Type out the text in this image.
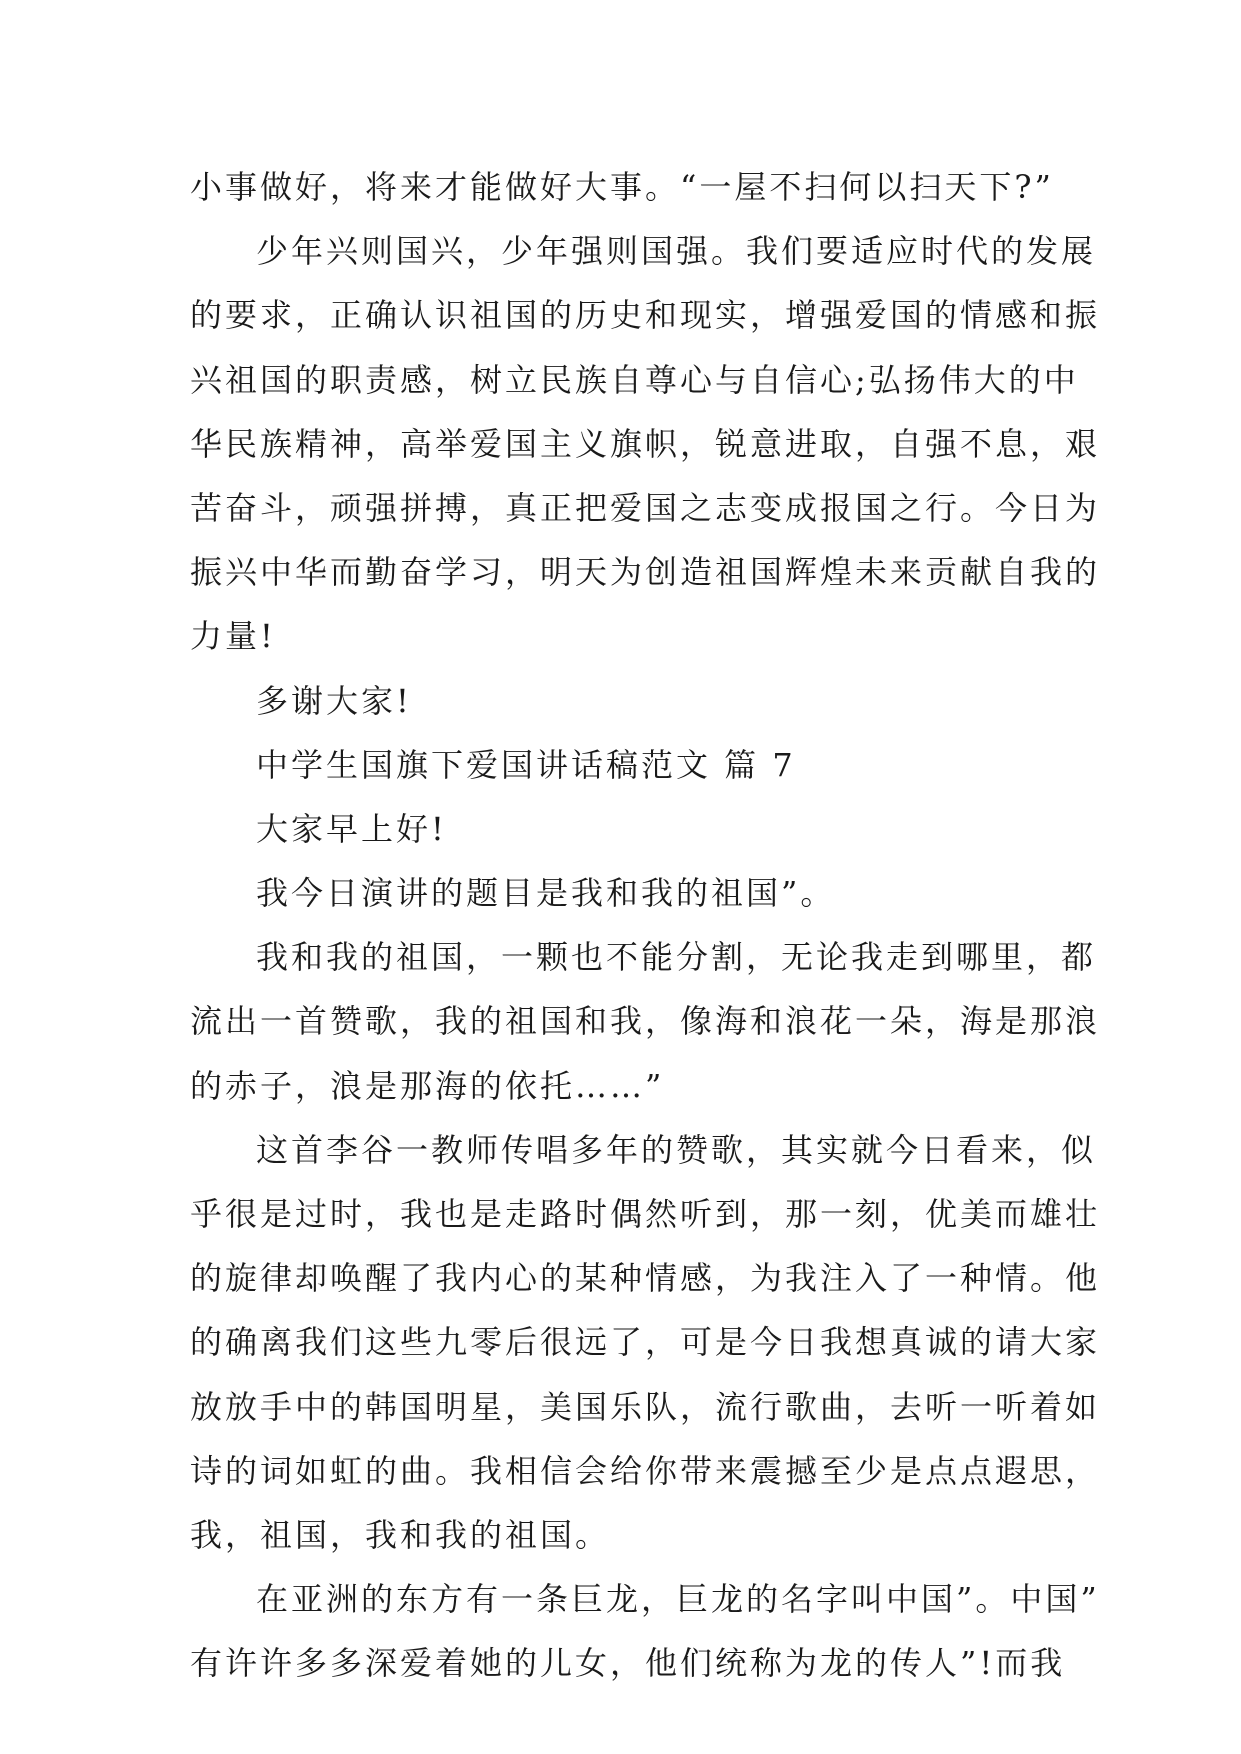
小事做好，将来才能做好大事。“一屋不扫何以扫天下?”
少年兴则国兴，少年强则国强。我们要适应时代的发展
的要求，正确认识祖国的历史和现实，增强爱国的情感和振
兴祖国的职责感，树立民族自尊心与自信心;弘扬伟大的中
华民族精神，高举爱国主义旗帜，锐意进取，自强不息，艰
苦奋斗，顽强拼搏，真正把爱国之志变成报国之行。今日为
振兴中华而勤奋学习，明天为创造祖国辉煌未来贡献自我的
力量!
多谢大家!
中学生国旗下爱国讲话稿范文 篇 7
大家早上好!
我今日演讲的题目是我和我的祖国”。
我和我的祖国，一颗也不能分割，无论我走到哪里，都
流出一首赞歌，我的祖国和我，像海和浪花一朵，海是那浪
的赤子，浪是那海的依托……”
这首李谷一教师传唱多年的赞歌，其实就今日看来，似
乎很是过时，我也是走路时偶然听到，那一刻，优美而雄壮
的旋律却唤醒了我内心的某种情感，为我注入了一种情。他
的确离我们这些九零后很远了，可是今日我想真诚的请大家
放放手中的韩国明星，美国乐队，流行歌曲，去听一听着如
诗的词如虹的曲。我相信会给你带来震撼至少是点点遐思，
我，祖国，我和我的祖国。
在亚洲的东方有一条巨龙，巨龙的名字叫中国”。中国”
有许许多多深爱着她的儿女，他们统称为龙的传人”!而我
